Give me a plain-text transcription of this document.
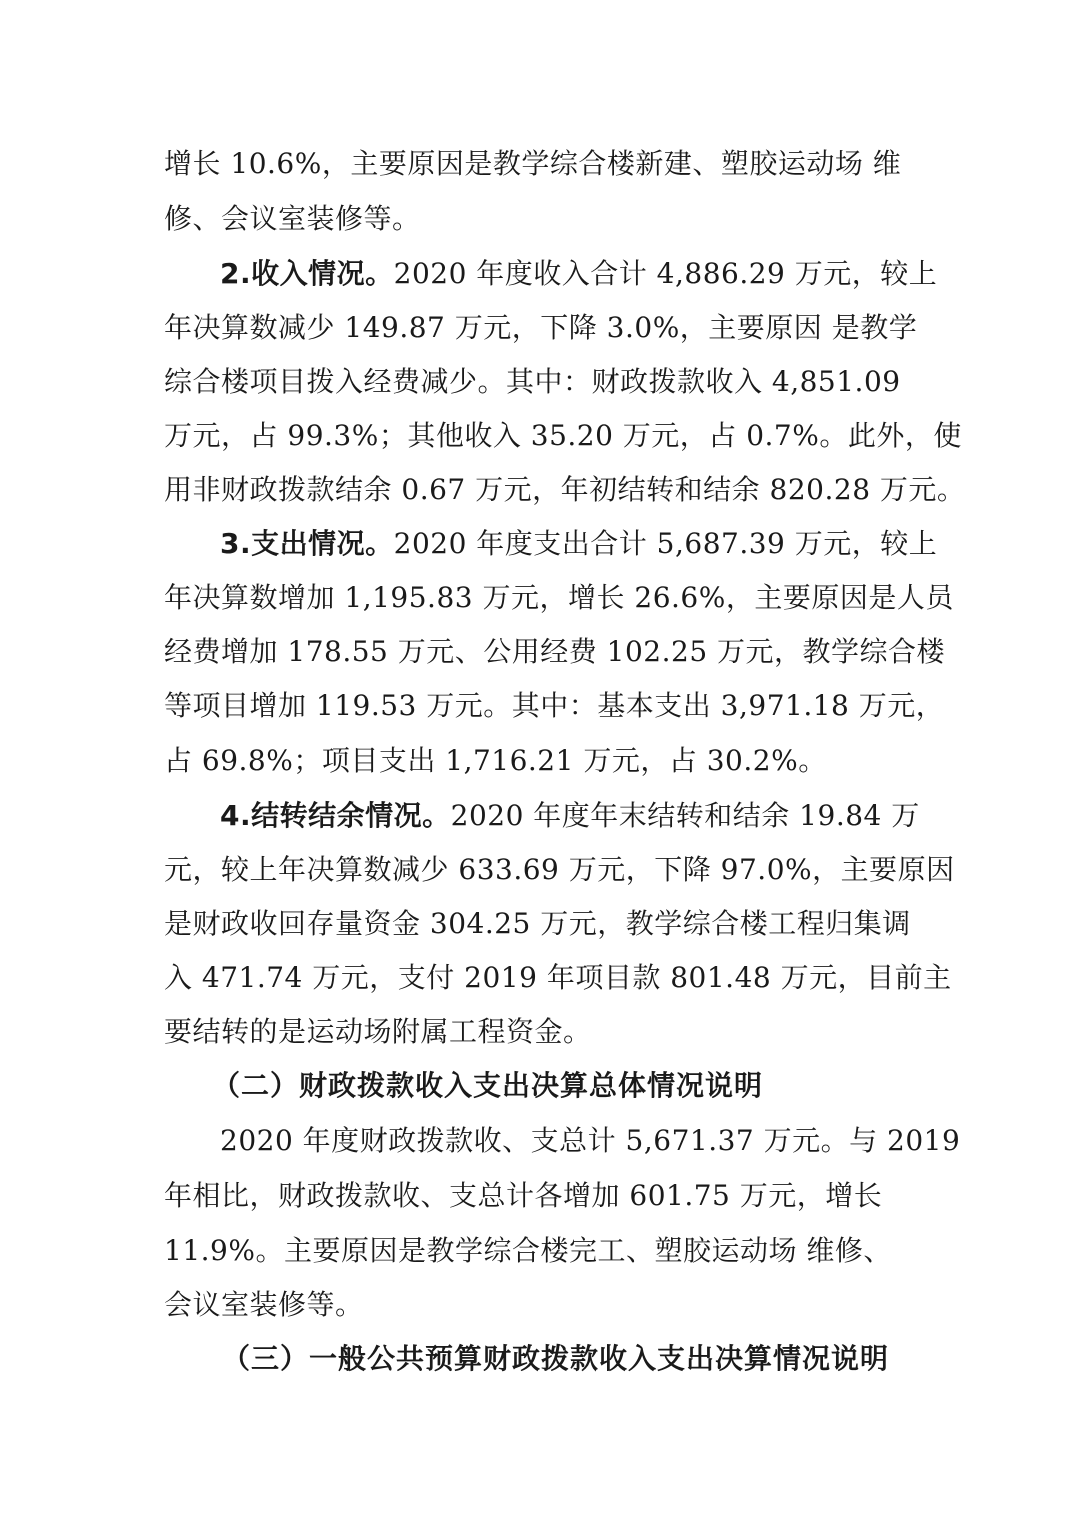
增长 10.6%，主要原因是教学综合楼新建、塑胶运动场 维
修、会议室装修等。
2.收入情况。2020 年度收入合计 4,886.29 万元，较上
年决算数减少 149.87 万元，下降 3.0%，主要原因 是教学
综合楼项目拨入经费减少。其中：财政拨款收入 4,851.09
万元，占 99.3%；其他收入 35.20 万元，占 0.7%。此外，使
用非财政拨款结余 0.67 万元，年初结转和结余 820.28 万元。
3.支出情况。2020 年度支出合计 5,687.39 万元，较上
年决算数增加 1,195.83 万元，增长 26.6%，主要原因是人员
经费增加 178.55 万元、公用经费 102.25 万元，教学综合楼
等项目增加 119.53 万元。其中：基本支出 3,971.18 万元，
占 69.8%；项目支出 1,716.21 万元，占 30.2%。
4.结转结余情况。2020 年度年末结转和结余 19.84 万
元，较上年决算数减少 633.69 万元，下降 97.0%，主要原因
是财政收回存量资金 304.25 万元，教学综合楼工程归集调
入 471.74 万元，支付 2019 年项目款 801.48 万元，目前主
要结转的是运动场附属工程资金。
（二）财政拨款收入支出决算总体情况说明
2020 年度财政拨款收、支总计 5,671.37 万元。与 2019
年相比，财政拨款收、支总计各增加 601.75 万元，增长
11.9%。主要原因是教学综合楼完工、塑胶运动场 维修、
会议室装修等。
（三）一般公共预算财政拨款收入支出决算情况说明
